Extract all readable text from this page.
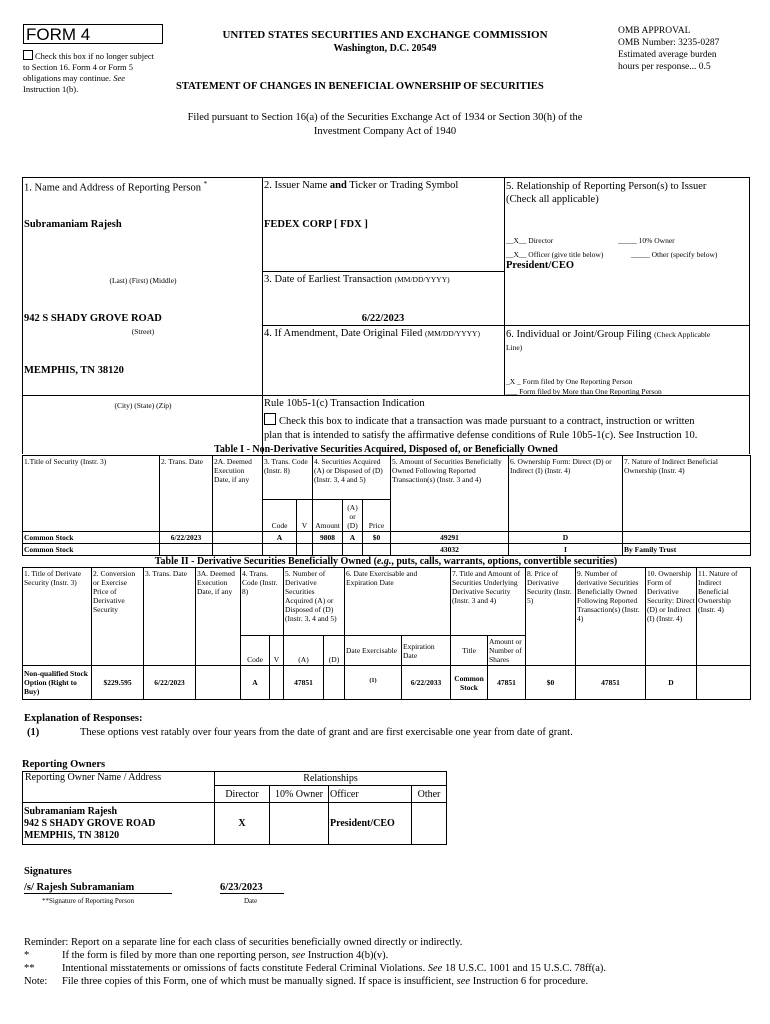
FORM 4
Check this box if no longer subject to Section 16. Form 4 or Form 5 obligations may continue. See Instruction 1(b).
UNITED STATES SECURITIES AND EXCHANGE COMMISSION
Washington, D.C. 20549
STATEMENT OF CHANGES IN BENEFICIAL OWNERSHIP OF SECURITIES
OMB APPROVAL
OMB Number: 3235-0287
Estimated average burden
hours per response... 0.5
Filed pursuant to Section 16(a) of the Securities Exchange Act of 1934 or Section 30(h) of the
Investment Company Act of 1940
1. Name and Address of Reporting Person *
Subramaniam Rajesh
(Last) (First) (Middle)
942 S SHADY GROVE ROAD
(Street)
MEMPHIS, TN 38120
(City) (State) (Zip)
2. Issuer Name and Ticker or Trading Symbol
FEDEX CORP [ FDX ]
3. Date of Earliest Transaction (MM/DD/YYYY)
6/22/2023
4. If Amendment, Date Original Filed (MM/DD/YYYY)
5. Relationship of Reporting Person(s) to Issuer
(Check all applicable)
__X__ Director	_____ 10% Owner
__X__ Officer (give title below)	_____ Other (specify below)
President/CEO
6. Individual or Joint/Group Filing (Check Applicable
Line)
_X _ Form filed by One Reporting Person
___ Form filed by More than One Reporting Person
Rule 10b5-1(c) Transaction Indication
Check this box to indicate that a transaction was made pursuant to a contract, instruction or written
plan that is intended to satisfy the affirmative defense conditions of Rule 10b5-1(c). See Instruction 10.
Table I - Non-Derivative Securities Acquired, Disposed of, or Beneficially Owned
1.Title of Security (Instr. 3)	2. Trans. Date	2A. Deemed Execution Date, if any	3. Trans. Code (Instr. 8)		4. Securities Acquired (A) or Disposed of (D) (Instr. 3, 4 and 5)			5. Amount of Securities Beneficially Owned Following Reported Transaction(s) (Instr. 3 and 4)	6. Ownership Form: Direct (D) or Indirect (I) (Instr. 4)	7. Nature of Indirect Beneficial Ownership (Instr. 4)
			Code	V	Amount	(A) or (D)	Price			
Common Stock	6/22/2023		A		9808	A	$0	49291	D	
Common Stock								43032	I	By Family Trust
Table II - Derivative Securities Beneficially Owned (e.g., puts, calls, warrants, options, convertible securities)
1. Title of Derivate Security (Instr. 3)	2. Conversion or Exercise Price of Derivative Security	3. Trans. Date	3A. Deemed Execution Date, if any	4. Trans. Code (Instr. 8)		5. Number of Derivative Securities Acquired (A) or Disposed of (D) (Instr. 3, 4 and 5)		6. Date Exercisable and Expiration Date		7. Title and Amount of Securities Underlying Derivative Security (Instr. 3 and 4)		8. Price of Derivative Security (Instr. 5)	9. Number of derivative Securities Beneficially Owned Following Reported Transaction(s) (Instr. 4)	10. Ownership Form of Derivative Security: Direct (D) or Indirect (I) (Instr. 4)	11. Nature of Indirect Beneficial Ownership (Instr. 4)
				Code	V	(A)	(D)	Date Exercisable	Expiration Date	Title	Amount or Number of Shares				
Non-qualified Stock Option (Right to Buy)	$229.595	6/22/2023		A		47851		$^{(1)}$	6/22/2033	Common Stock	47851	$0	47851	D	
Explanation of Responses:
(1)	These options vest ratably over four years from the date of grant and are first exercisable one year from date of grant.
Reporting Owners
Reporting Owner Name / Address	Relationships			
	Director	10% Owner	Officer	Other

Subramaniam Rajesh
942 S SHADY GROVE ROAD
MEMPHIS, TN 38120	X		President/CEO	
Signatures
/s/ Rajesh Subramaniam
**Signature of Reporting Person
6/23/2023
Date
Reminder: Report on a separate line for each class of securities beneficially owned directly or indirectly.
*	If the form is filed by more than one reporting person, see Instruction 4(b)(v).
**	Intentional misstatements or omissions of facts constitute Federal Criminal Violations. See 18 U.S.C. 1001 and 15 U.S.C. 78ff(a).
Note: File three copies of this Form, one of which must be manually signed. If space is insufficient, see Instruction 6 for procedure.
